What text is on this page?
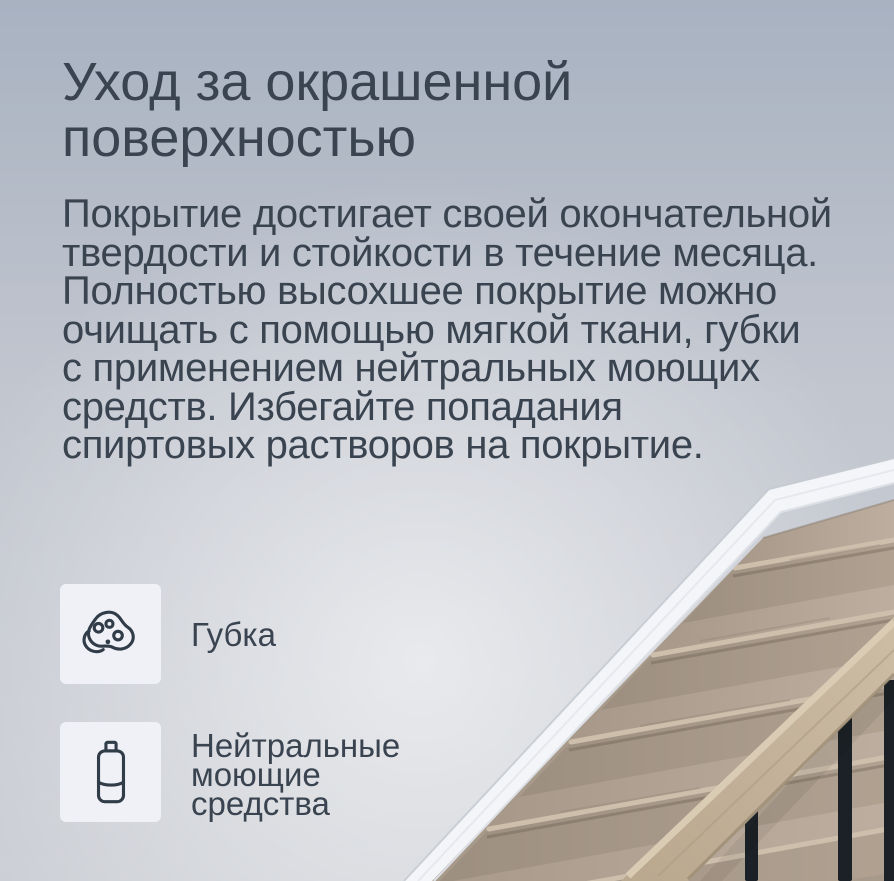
Уход за окрашенной
поверхностью
Покрытие достигает своей окончательной
твердости и стойкости в течение месяца.
Полностью высохшее покрытие можно
очищать с помощью мягкой ткани, губки
с применением нейтральных моющих
средств. Избегайте попадания
спиртовых растворов на покрытие.
Губка
Нейтральные моющие средства
